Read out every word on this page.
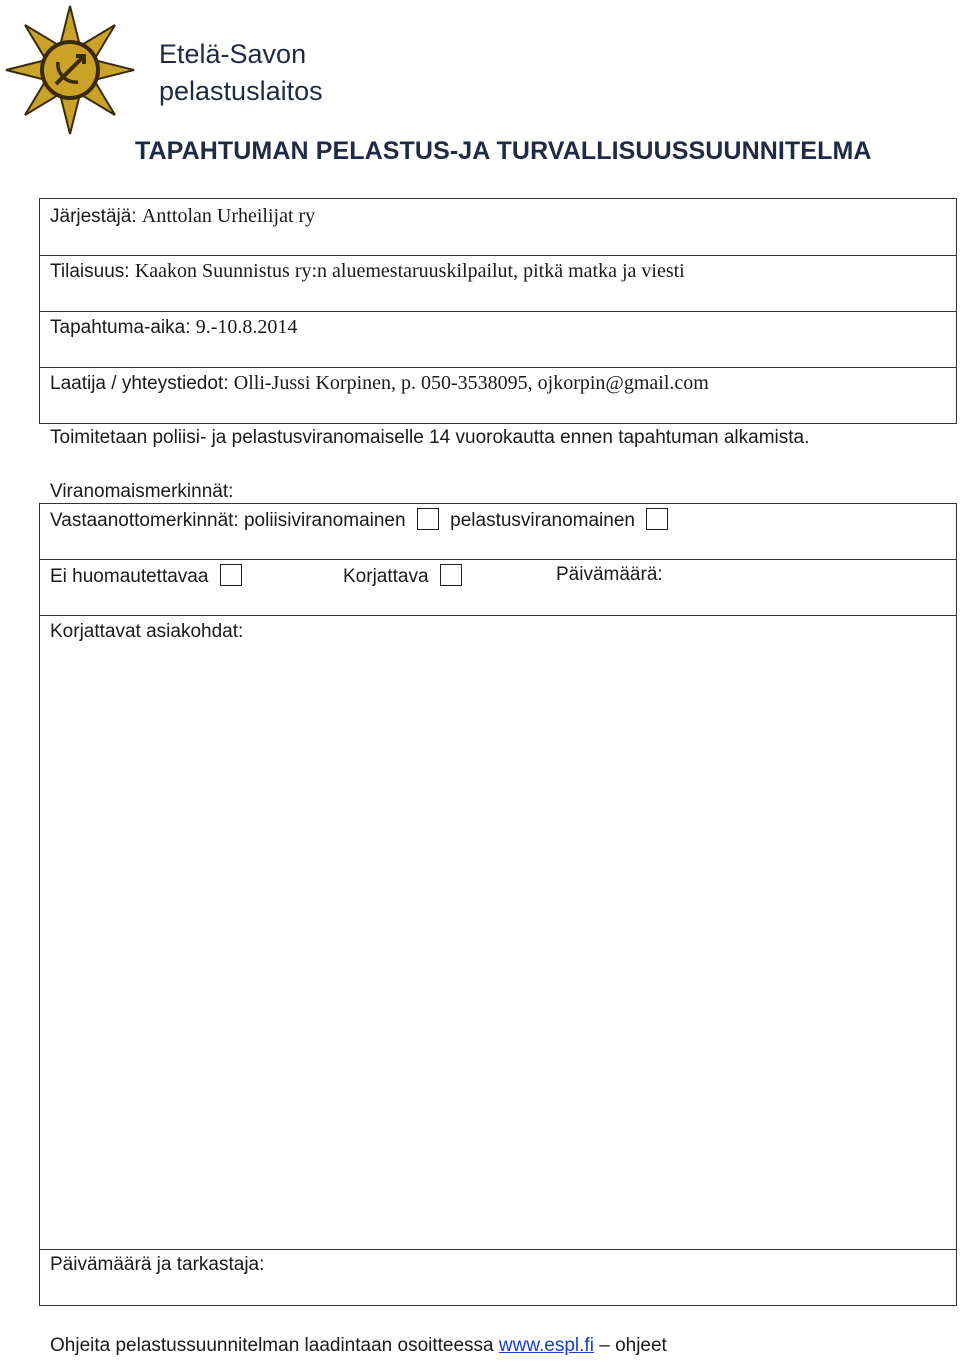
Etelä-Savon
pelastuslaitos
TAPAHTUMAN PELASTUS-JA TURVALLISUUSSUUNNITELMA
Järjestäjä: Anttolan Urheilijat ry
Tilaisuus: Kaakon Suunnistus ry:n aluemestaruuskilpailut, pitkä matka ja viesti
Tapahtuma-aika: 9.-10.8.2014
Laatija / yhteystiedot: Olli-Jussi Korpinen, p. 050-3538095, ojkorpin@gmail.com
Toimitetaan poliisi- ja pelastusviranomaiselle 14 vuorokautta ennen tapahtuman alkamista.
Viranomaismerkinnät:
Vastaanottomerkinnät: poliisiviranomainen pelastusviranomainen
Ei huomautettavaa	Korjattava	Päivämäärä:
Korjattavat asiakohdat:
Päivämäärä ja tarkastaja:
Ohjeita pelastussuunnitelman laadintaan osoitteessa www.espl.fi – ohjeet
